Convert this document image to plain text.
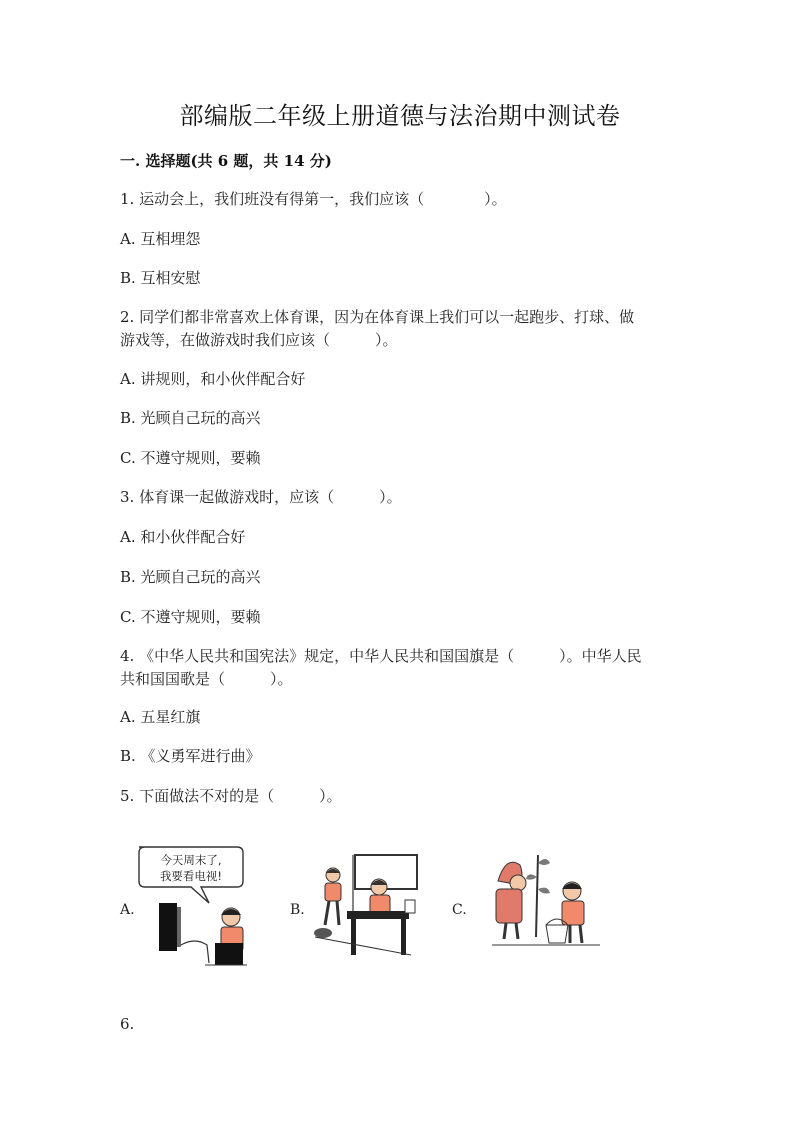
部编版二年级上册道德与法治期中测试卷
一. 选择题(共 6 题，共 14 分)
1. 运动会上，我们班没有得第一，我们应该（　　　　）。
A. 互相埋怨
B. 互相安慰
2. 同学们都非常喜欢上体育课，因为在体育课上我们可以一起跑步、打球、做
游戏等，在做游戏时我们应该（　　　）。
A. 讲规则，和小伙伴配合好
B. 光顾自己玩的高兴
C. 不遵守规则，要赖
3. 体育课一起做游戏时，应该（　　　）。
A. 和小伙伴配合好
B. 光顾自己玩的高兴
C. 不遵守规则，要赖
4. 《中华人民共和国宪法》规定，中华人民共和国国旗是（　　　）。中华人民
共和国国歌是（　　　）。
A. 五星红旗
B. 《义勇军进行曲》
5. 下面做法不对的是（　　　）。
A.	B.	C.
今天周末了,
我要看电视!
6.
